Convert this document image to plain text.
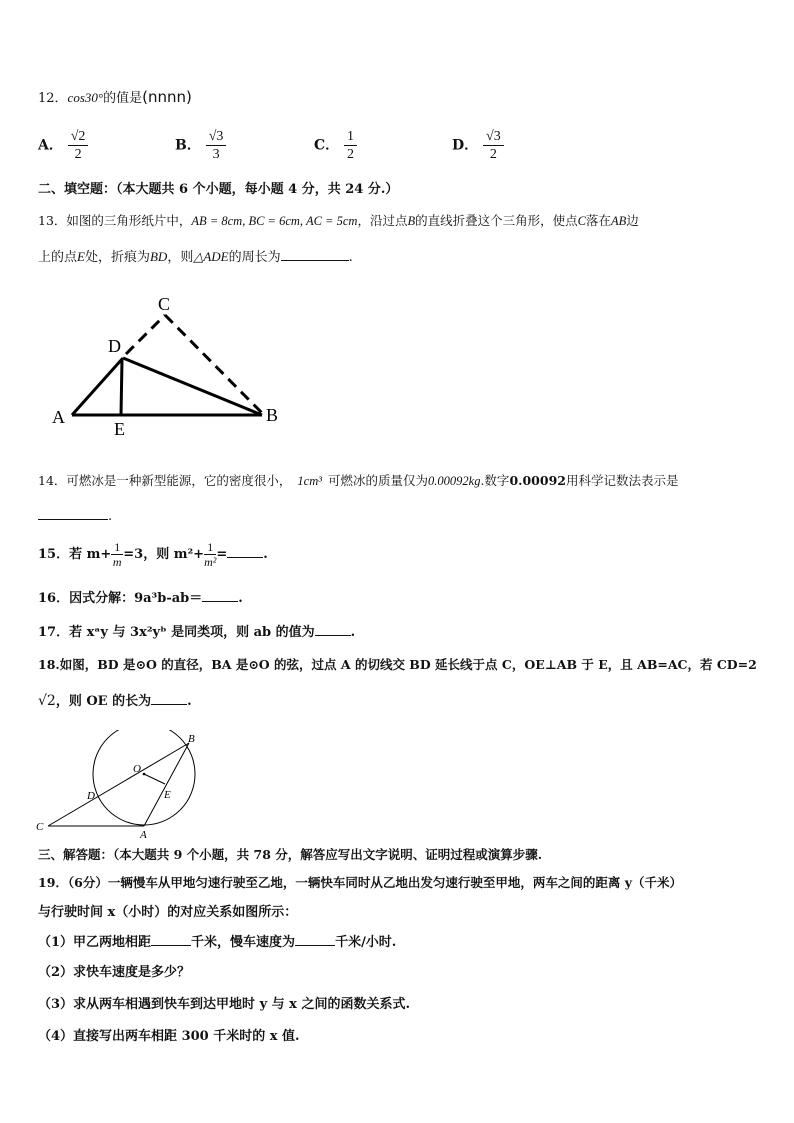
12．cos30°的值是(nnnn)
A． $\frac{√2}{2}$	B． $\frac{√3}{3}$	C． $\frac{1}{2}$	D． $\frac{√3}{2}$
二、填空题：（本大题共 6 个小题，每小题 4 分，共 24 分.）
13．如图的三角形纸片中，AB = 8cm, BC = 6cm, AC = 5cm，沿过点B的直线折叠这个三角形，使点C落在AB边
上的点E处，折痕为BD，则△ADE的周长为	.
A	B
C
D
E
14．可燃冰是一种新型能源，它的密度很小， 1cm³ 可燃冰的质量仅为0.00092kg.数字0.00092用科学记数法表示是
.
15．若 $m+ \frac{1}{m} =3$，则 $m^2+ \frac{1}{\text{m²}}$ =	.
16．因式分解：9a³b-ab＝	.
17．若 xᵃy 与 3x²yᵇ 是同类项，则 ab 的值为	.
18.如图，BD 是⊙O 的直径，BA 是⊙O 的弦，过点 A 的切线交 BD 延长线于点 C，OE⊥AB 于 E，且 AB=AC，若 CD=2
√2，则 OE 的长为	.
B
O
D	E
C
A
三、解答题：（本大题共 9 个小题，共 78 分，解答应写出文字说明、证明过程或演算步骤.
19．（6分）一辆慢车从甲地匀速行驶至乙地，一辆快车同时从乙地出发匀速行驶至甲地，两车之间的距离 y（千米）
与行驶时间 x（小时）的对应关系如图所示：
（1）甲乙两地相距	千米，慢车速度为	千米/小时.
（2）求快车速度是多少？
（3）求从两车相遇到快车到达甲地时 y 与 x 之间的函数关系式.
（4）直接写出两车相距 300 千米时的 x 值.
